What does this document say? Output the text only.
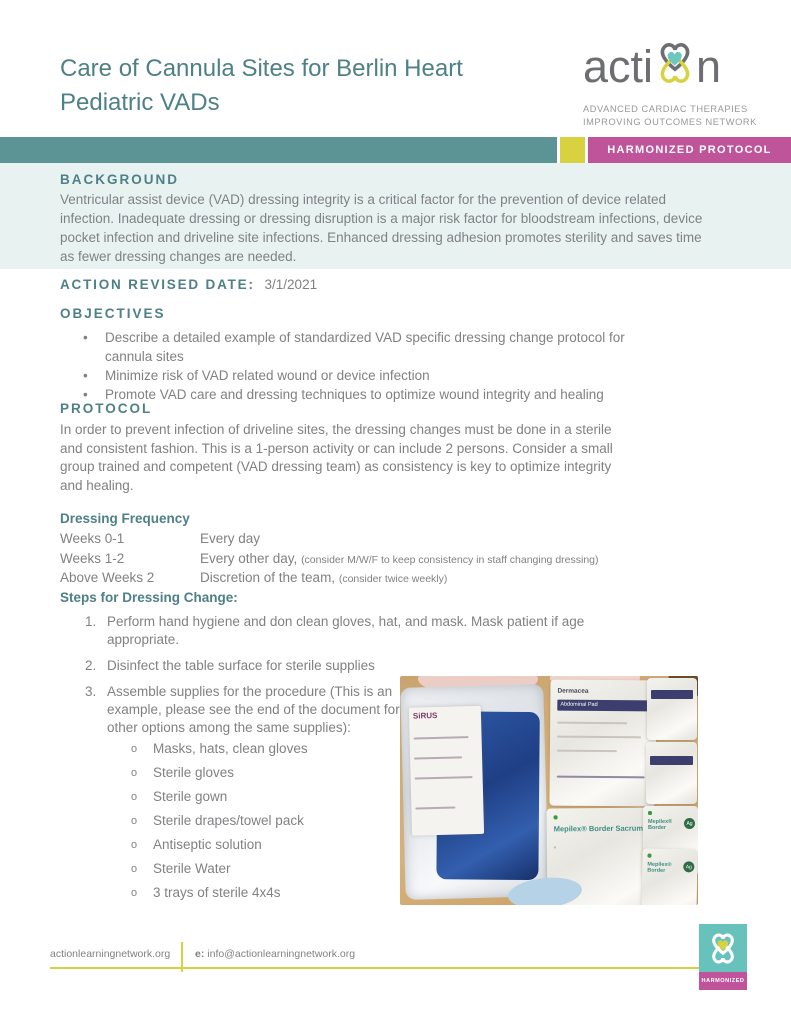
Care of Cannula Sites for Berlin Heart
Pediatric VADs
acti n
ADVANCED CARDIAC THERAPIES
IMPROVING OUTCOMES NETWORK
HARMONIZED PROTOCOL
BACKGROUND

Ventricular assist device (VAD) dressing integrity is a critical factor for the prevention of device related infection. Inadequate dressing or dressing disruption is a major risk factor for bloodstream infections, device pocket infection and driveline site infections. Enhanced dressing adhesion promotes sterility and saves time as fewer dressing changes are needed.

ACTION REVISED DATE: 3/1/2021
OBJECTIVES
• Describe a detailed example of standardized VAD specific dressing change protocol for cannula sites
• Minimize risk of VAD related wound or device infection
• Promote VAD care and dressing techniques to optimize wound integrity and healing
PROTOCOL

In order to prevent infection of driveline sites, the dressing changes must be done in a sterile and consistent fashion. This is a 1-person activity or can include 2 persons. Consider a small group trained and competent (VAD dressing team) as consistency is key to optimize integrity and healing.

Dressing Frequency
Weeks 0-1	Every day
Weeks 1-2	Every other day, (consider M/W/F to keep consistency in staff changing dressing)
Above Weeks 2	Discretion of the team, (consider twice weekly)
Steps for Dressing Change:
1. Perform hand hygiene and don clean gloves, hat, and mask. Mask patient if age appropriate.
2. Disinfect the table surface for sterile supplies
3. Assemble supplies for the procedure (This is an example, please see the end of the document for other options among the same supplies):
o Masks, hats, clean gloves
o Sterile gloves
o Sterile gown
o Sterile drapes/towel pack
o Antiseptic solution
o Sterile Water
o 3 trays of sterile 4x4s
SiRUS
Dermacea
Abdominal Pad
Mepilex® Border Sacrum
Mepilex® Border
Ag
Mepilex® Border
Ag
actionlearningnetwork.org e: info@actionlearningnetwork.org
HARMONIZED
